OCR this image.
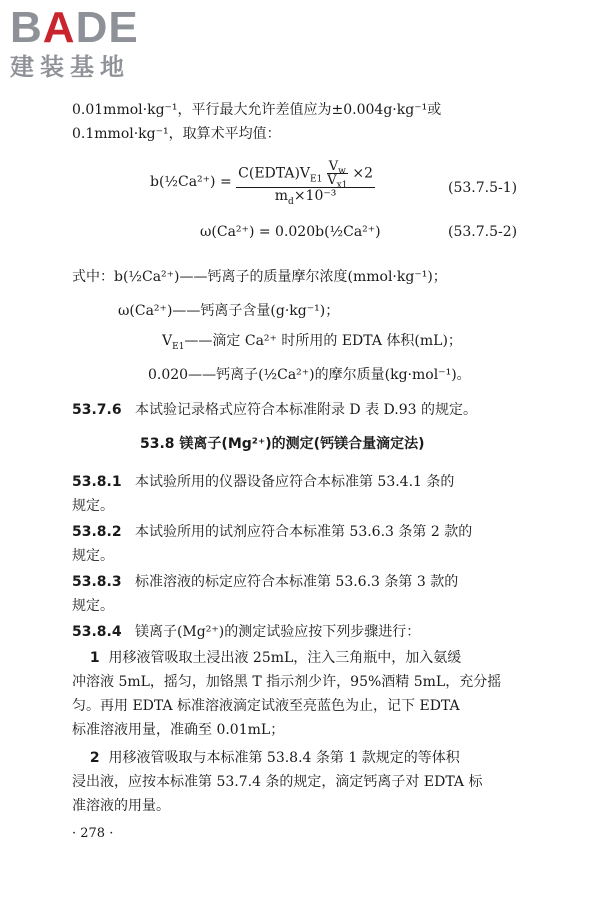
BADE
建装基地
0.01mmol·kg⁻¹，平行最大允许差值应为±0.004g·kg⁻¹或
0.1mmol·kg⁻¹，取算术平均值：
b(½Ca²⁺) = $\frac{C(EDTA)V_{E1} \frac{V_w}{V_{x1}} \times 2}{m_d\times 10^{-3}}$	(53.7.5-1)
ω(Ca²⁺) = 0.020b(½Ca²⁺)	(53.7.5-2)
式中：b(½Ca²⁺)——钙离子的质量摩尔浓度(mmol·kg⁻¹)；
ω(Ca²⁺)——钙离子含量(g·kg⁻¹)；
$V_{E1}——$滴定 Ca²⁺ 时所用的 EDTA 体积(mL)；
0.020——钙离子(½Ca²⁺)的摩尔质量(kg·mol⁻¹)。
53.7.6 本试验记录格式应符合本标准附录 D 表 D.93 的规定。
53.8 镁离子(Mg²⁺)的测定(钙镁合量滴定法)
53.8.1 本试验所用的仪器设备应符合本标准第 53.4.1 条的
规定。
53.8.2 本试验所用的试剂应符合本标准第 53.6.3 条第 2 款的
规定。
53.8.3 标准溶液的标定应符合本标准第 53.6.3 条第 3 款的
规定。
53.8.4 镁离子(Mg²⁺)的测定试验应按下列步骤进行：
1 用移液管吸取土浸出液 25mL，注入三角瓶中，加入氨缓
冲溶液 5mL，摇匀，加铬黑 T 指示剂少许，95%酒精 5mL，充分摇
匀。再用 EDTA 标准溶液滴定试液至亮蓝色为止，记下 EDTA
标准溶液用量，准确至 0.01mL；
2 用移液管吸取与本标准第 53.8.4 条第 1 款规定的等体积
浸出液，应按本标准第 53.7.4 条的规定，滴定钙离子对 EDTA 标
准溶液的用量。
· 278 ·
